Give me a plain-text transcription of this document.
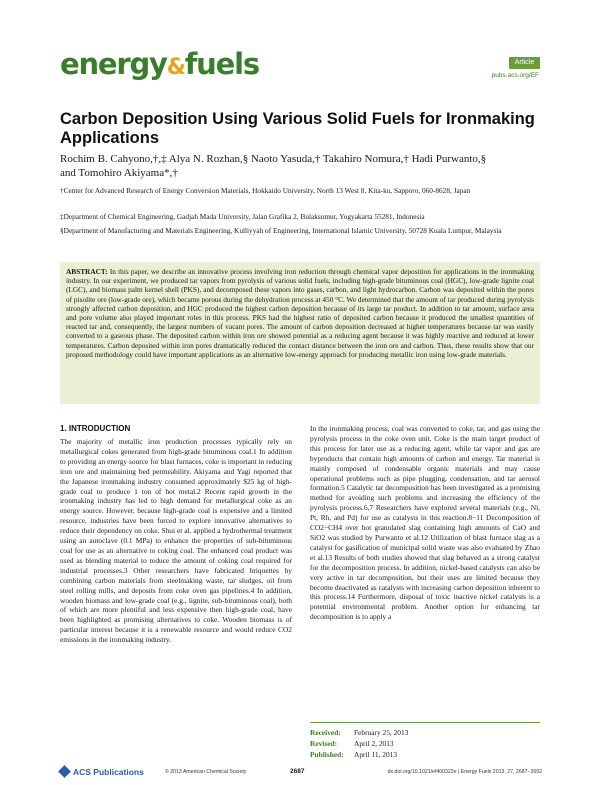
energy&fuels	Article
pubs.acs.org/EF
Carbon Deposition Using Various Solid Fuels for Ironmaking Applications
Rochim B. Cahyono,†,‡ Alya N. Rozhan,§ Naoto Yasuda,† Takahiro Nomura,† Hadi Purwanto,§
and Tomohiro Akiyama*,†
†Center for Advanced Research of Energy Conversion Materials, Hokkaido University, North 13 West 8, Kita-ku, Sapporo, 060-8628, Japan
‡Department of Chemical Engineering, Gadjah Mada University, Jalan Grafika 2, Bulaksumur, Yogyakarta 55281, Indonesia
§Department of Manufacturing and Materials Engineering, Kulliyyah of Engineering, International Islamic University, 50728 Kuala Lumpur, Malaysia
ABSTRACT: In this paper, we describe an innovative process involving iron reduction through chemical vapor deposition for applications in the ironmaking industry. In our experiment, we produced tar vapors from pyrolysis of various solid fuels, including high-grade bituminous coal (HGC), low-grade lignite coal (LGC), and biomass palm kernel shell (PKS), and decomposed these vapors into gases, carbon, and light hydrocarbon. Carbon was deposited within the pores of pisolite ore (low-grade ore), which became porous during the dehydration process at 450 °C. We determined that the amount of tar produced during pyrolysis strongly affected carbon deposition, and HGC produced the highest carbon deposition because of its large tar product. In addition to tar amount, surface area and pore volume also played important roles in this process. PKS had the highest ratio of deposited carbon because it produced the smallest quantities of reacted tar and, consequently, the largest numbers of vacant pores. The amount of carbon deposition decreased at higher temperatures because tar was easily converted to a gaseous phase. The deposited carbon within iron ore showed potential as a reducing agent because it was highly reactive and reduced at lower temperatures. Carbon deposited within iron pores dramatically reduced the contact distance between the iron ore and carbon. Thus, these results show that our proposed methodology could have important applications as an alternative low-energy approach for producing metallic iron using low-grade materials.
1. INTRODUCTION
The majority of metallic iron production processes typically rely on metallurgical cokes generated from high-grade bituminous coal.1 In addition to providing an energy source for blast furnaces, coke is important in reducing iron ore and maintaining bed permeability. Akiyama and Yagi reported that the Japanese ironmaking industry consumed approximately $25 kg of high-grade coal to produce 1 ton of hot metal.2 Recent rapid growth in the ironmaking industry has led to high demand for metallurgical coke as an energy source. However, because high-grade coal is expensive and a limited resource, industries have been forced to explore innovative alternatives to reduce their dependency on coke. Shui et al. applied a hydrothermal treatment using an autoclave (0.1 MPa) to enhance the properties of sub-bituminous coal for use as an alternative to coking coal. The enhanced coal product was used as blending material to reduce the amount of coking coal required for industrial processes.3 Other researchers have fabricated briquettes by combining carbon materials from steelmaking waste, tar sludges, oil from steel rolling mills, and deposits from coke oven gas pipelines.4 In addition, wooden biomass and low-grade coal (e.g., lignite, sub-bituminous coal), both of which are more plentiful and less expensive then high-grade coal, have been highlighted as promising alternatives to coke. Wooden biomass is of particular interest because it is a renewable resource and would reduce CO2 emissions in the ironmaking industry.
In the ironmaking process, coal was converted to coke, tar, and gas using the pyrolysis process in the coke oven unit. Coke is the main target product of this process for later use as a reducing agent, while tar vapor and gas are byproducts that contain high amounts of carbon and energy. Tar material is mainly composed of condensable organic materials and may cause operational problems such as pipe plugging, condensation, and tar aerosol formation.5 Catalytic tar decomposition has been investigated as a promising method for avoiding such problems and increasing the efficiency of the pyrolysis process.6,7 Researchers have explored several materials (e.g., Ni, Pt, Rh, and Pd) for use as catalysts in this reaction.8−11 Decomposition of CO2−CH4 over hot granulated slag containing high amounts of CaO and SiO2 was studied by Purwanto et al.12 Utilization of blast furnace slag as a catalyst for gasification of municipal solid waste was also evaluated by Zhao et al.13 Results of both studies showed that slag behaved as a strong catalyst for the decomposition process. In addition, nickel-based catalysts can also be very active in tar decomposition, but their uses are limited because they become deactivated as catalysts with increasing carbon deposition inherent to this process.14 Furthermore, disposal of toxic inactive nickel catalysts is a potential environmental problem. Another option for enhancing tar decomposition is to apply a
Received: February 25, 2013
Revised: April 2, 2013
Published: April 11, 2013
ACS Publications	© 2013 American Chemical Society	2687	dx.doi.org/10.1021/ef400322e | Energy Fuels 2013, 27, 2687−2692
